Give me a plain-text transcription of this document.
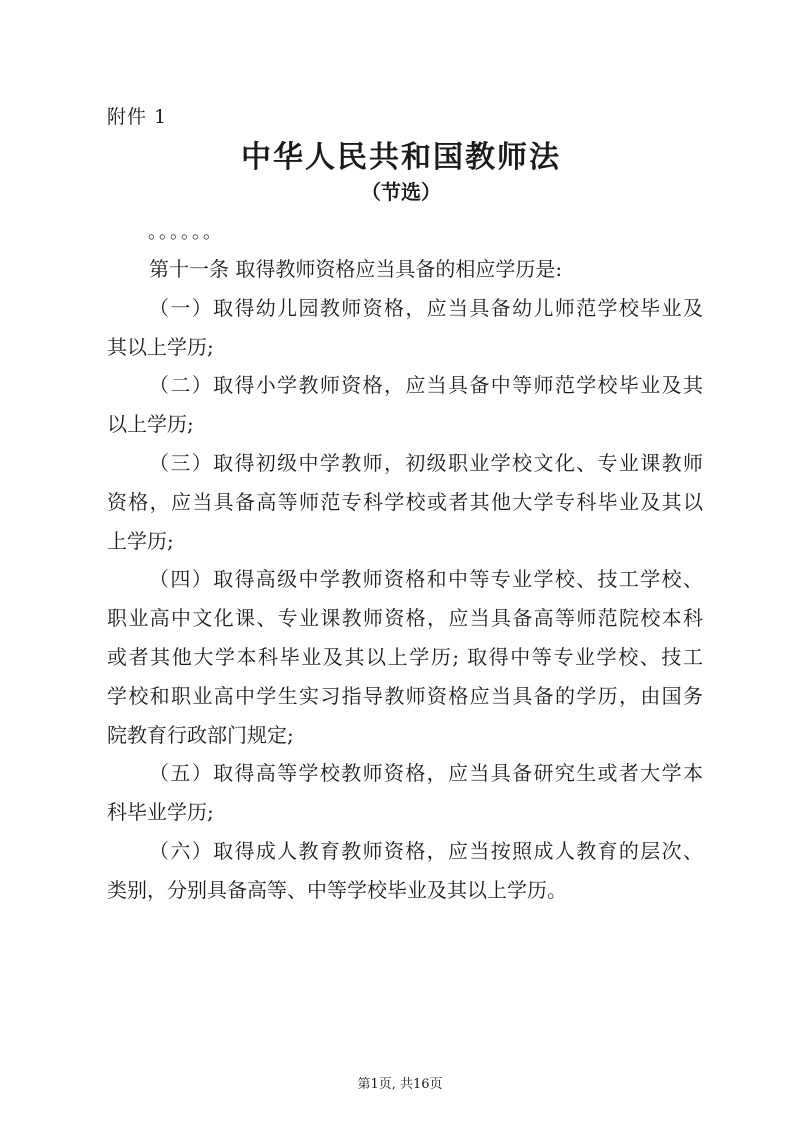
附件 1
中华人民共和国教师法
（节选）
。。。。。。
第十一条 取得教师资格应当具备的相应学历是:
（一）取得幼儿园教师资格，应当具备幼儿师范学校毕业及
其以上学历;
（二）取得小学教师资格，应当具备中等师范学校毕业及其
以上学历;
（三）取得初级中学教师，初级职业学校文化、专业课教师
资格，应当具备高等师范专科学校或者其他大学专科毕业及其以
上学历;
（四）取得高级中学教师资格和中等专业学校、技工学校、
职业高中文化课、专业课教师资格，应当具备高等师范院校本科
或者其他大学本科毕业及其以上学历; 取得中等专业学校、技工
学校和职业高中学生实习指导教师资格应当具备的学历，由国务
院教育行政部门规定;
（五）取得高等学校教师资格，应当具备研究生或者大学本
科毕业学历;
（六）取得成人教育教师资格，应当按照成人教育的层次、
类别，分别具备高等、中等学校毕业及其以上学历。
第1页, 共16页
